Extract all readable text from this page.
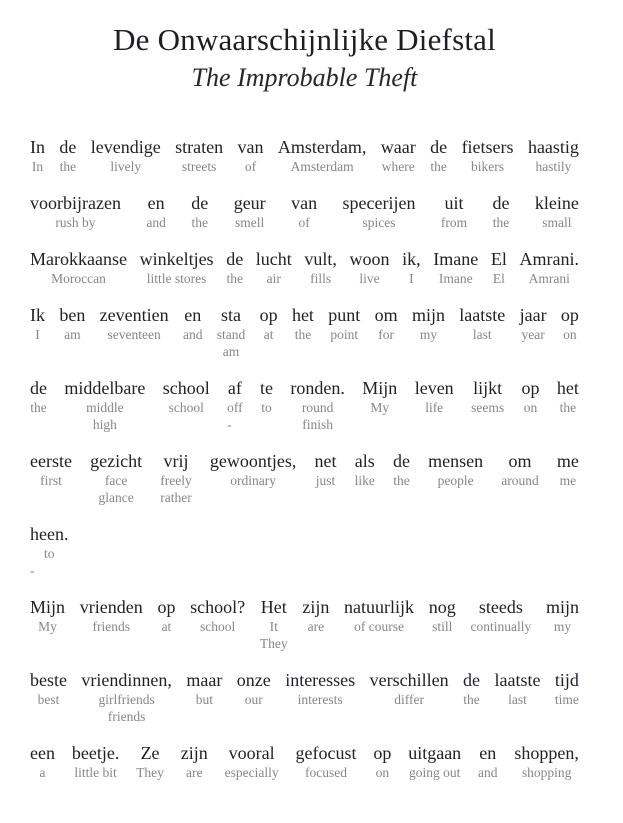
De Onwaarschijnlijke Diefstal
The Improbable Theft
In
In
de
the
levendige
lively
straten
streets
van
of
Amsterdam,
Amsterdam
waar
where
de
the
fietsers
bikers
haastig
hastily
voorbijrazen
rush by
en
and
de
the
geur
smell
van
of
specerijen
spices
uit
from
de
the
kleine
small
Marokkaanse
Moroccan
winkeltjes
little stores
de
the
lucht
air
vult,
fills
woon
live
ik,
I
Imane
Imane
El
El
Amrani.
Amrani
Ik
I
ben
am
zeventien
seventeen
en
and
sta
stand
am
op
at
het
the
punt
point
om
for
mijn
my
laatste
last
jaar
year
op
on
de
the
middelbare
middle
high
school
school
af
off
-
te
to
ronden.
round
finish
Mijn
My
leven
life
lijkt
seems
op
on
het
the
eerste
first
gezicht
face
glance
vrij
freely
rather
gewoontjes,
ordinary
net
just
als
like
de
the
mensen
people
om
around
me
me
heen.
to
-
Mijn
My
vrienden
friends
op
at
school?
school
Het
It
They
zijn
are
natuurlijk
of course
nog
still
steeds
continually
mijn
my
beste
best
vriendinnen,
girlfriends
friends
maar
but
onze
our
interesses
interests
verschillen
differ
de
the
laatste
last
tijd
time
een
a
beetje.
little bit
Ze
They
zijn
are
vooral
especially
gefocust
focused
op
on
uitgaan
going out
en
and
shoppen,
shopping
